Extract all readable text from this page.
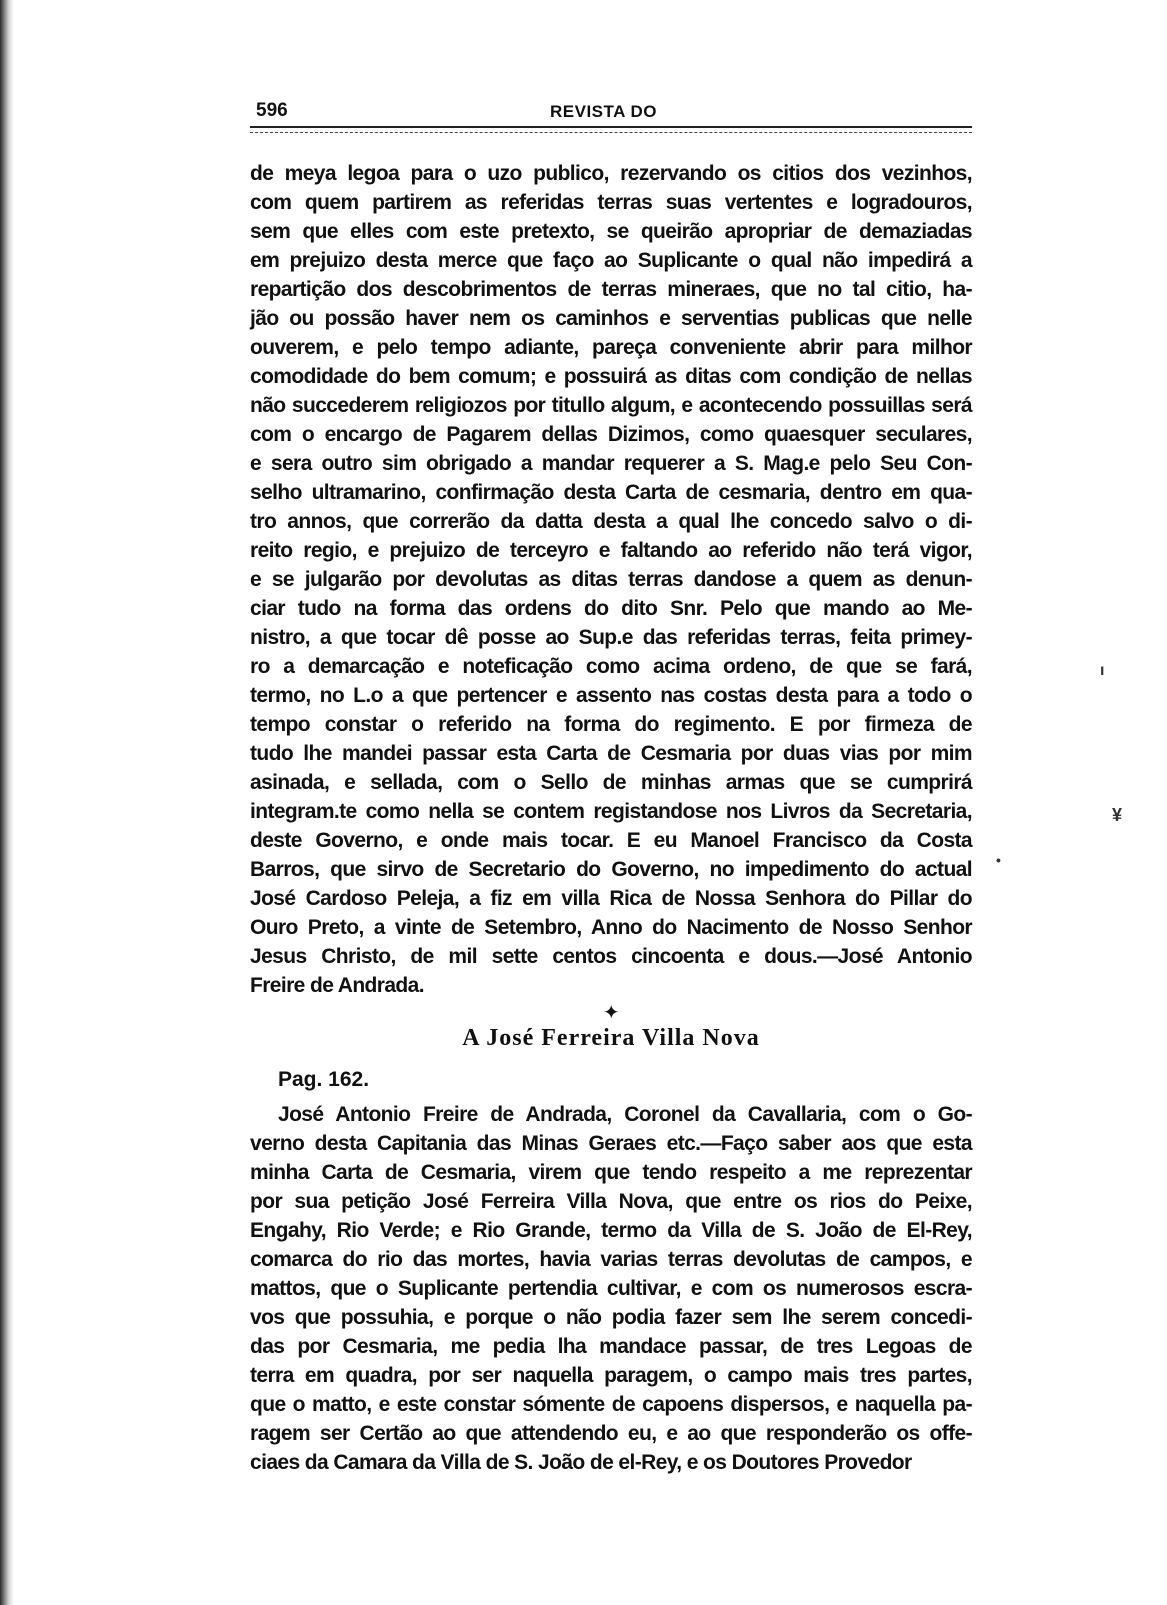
596	REVISTA DO
de meya legoa para o uzo publico, rezervando os citios dos vezinhos,
com quem partirem as referidas terras suas vertentes e logradouros,
sem que elles com este pretexto, se queirão apropriar de demaziadas
em prejuizo desta merce que faço ao Suplicante o qual não impedirá a
repartição dos descobrimentos de terras mineraes, que no tal citio, ha-
jão ou possão haver nem os caminhos e serventias publicas que nelle
ouverem, e pelo tempo adiante, pareça conveniente abrir para milhor
comodidade do bem comum; e possuirá as ditas com condição de nellas
não succederem religiozos por titullo algum, e acontecendo possuillas será
com o encargo de Pagarem dellas Dizimos, como quaesquer seculares,
e sera outro sim obrigado a mandar requerer a S. Mag.e pelo Seu Con-
selho ultramarino, confirmação desta Carta de cesmaria, dentro em qua-
tro annos, que correrão da datta desta a qual lhe concedo salvo o di-
reito regio, e prejuizo de terceyro e faltando ao referido não terá vigor,
e se julgarão por devolutas as ditas terras dandose a quem as denun-
ciar tudo na forma das ordens do dito Snr. Pelo que mando ao Me-
nistro, a que tocar dê posse ao Sup.e das referidas terras, feita primey-
ro a demarcação e noteficação como acima ordeno, de que se fará,
termo, no L.o a que pertencer e assento nas costas desta para a todo o
tempo constar o referido na forma do regimento. E por firmeza de
tudo lhe mandei passar esta Carta de Cesmaria por duas vias por mim
asinada, e sellada, com o Sello de minhas armas que se cumprirá
integram.te como nella se contem registandose nos Livros da Secretaria,
deste Governo, e onde mais tocar. E eu Manoel Francisco da Costa
Barros, que sirvo de Secretario do Governo, no impedimento do actual
José Cardoso Peleja, a fiz em villa Rica de Nossa Senhora do Pillar do
Ouro Preto, a vinte de Setembro, Anno do Nacimento de Nosso Senhor
Jesus Christo, de mil sette centos cincoenta e dous.—José Antonio
Freire de Andrada.
✦
A José Ferreira Villa Nova
Pag. 162.
José Antonio Freire de Andrada, Coronel da Cavallaria, com o Go-
verno desta Capitania das Minas Geraes etc.—Faço saber aos que esta
minha Carta de Cesmaria, virem que tendo respeito a me reprezentar
por sua petição José Ferreira Villa Nova, que entre os rios do Peixe,
Engahy, Rio Verde; e Rio Grande, termo da Villa de S. João de El-Rey,
comarca do rio das mortes, havia varias terras devolutas de campos, e
mattos, que o Suplicante pertendia cultivar, e com os numerosos escra-
vos que possuhia, e porque o não podia fazer sem lhe serem concedi-
das por Cesmaria, me pedia lha mandace passar, de tres Legoas de
terra em quadra, por ser naquella paragem, o campo mais tres partes,
que o matto, e este constar sómente de capoens dispersos, e naquella pa-
ragem ser Certão ao que attendendo eu, e ao que responderão os offe-
ciaes da Camara da Villa de S. João de el-Rey, e os Doutores Provedor
ı
¥
•
